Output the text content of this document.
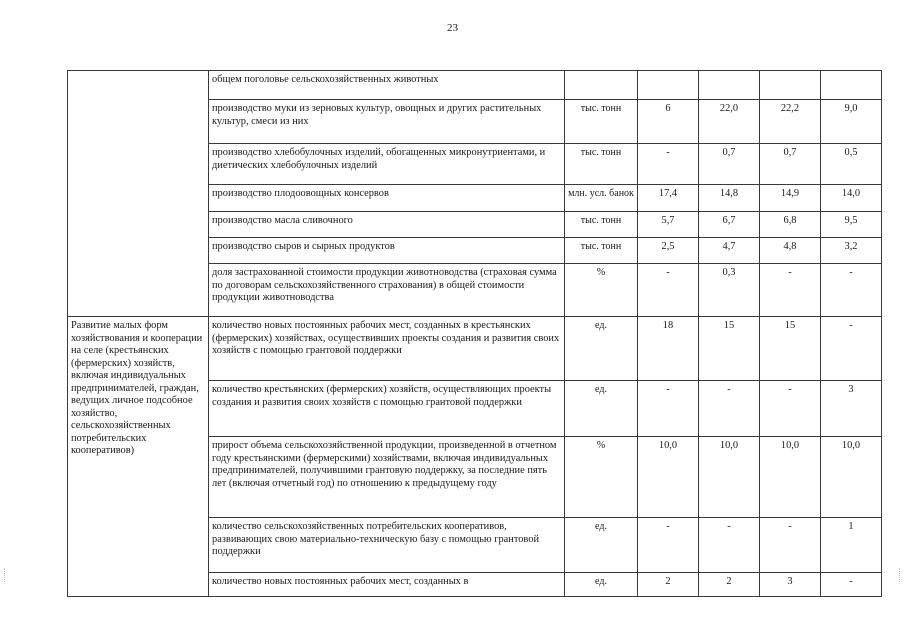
23
	общем поголовье сельскохозяйственных животных					
	производство муки из зерновых культур, овощных и других растительных культур, смеси из них	тыс. тонн	6	22,0	22,2	9,0
	производство хлебобулочных изделий, обогащенных микронутриентами, и диетических хлебобулочных изделий	тыс. тонн	-	0,7	0,7	0,5
	производство плодоовощных консервов	млн. усл. банок	17,4	14,8	14,9	14,0
	производство масла сливочного	тыс. тонн	5,7	6,7	6,8	9,5
	производство сыров и сырных продуктов	тыс. тонн	2,5	4,7	4,8	3,2
	доля застрахованной стоимости продукции животноводства (страховая сумма по договорам сельскохозяйственного страхования) в общей стоимости продукции животноводства	%	-	0,3	-	-
Развитие малых форм хозяйствования и кооперации на селе (крестьянских (фермерских) хозяйств, включая индивидуальных предпринимателей, граждан, ведущих личное подсобное хозяйство, сельскохозяйственных потребительских кооперативов)	количество новых постоянных рабочих мест, созданных в крестьянских (фермерских) хозяйствах, осуществивших проекты создания и развития своих хозяйств с помощью грантовой поддержки	ед.	18	15	15	-
	количество крестьянских (фермерских) хозяйств, осуществляющих проекты создания и развития своих хозяйств с помощью грантовой поддержки	ед.	-	-	-	3
	прирост объема сельскохозяйственной продукции, произведенной в отчетном году крестьянскими (фермерскими) хозяйствами, включая индивидуальных предпринимателей, получившими грантовую поддержку, за последние пять лет (включая отчетный год) по отношению к предыдущему году	%	10,0	10,0	10,0	10,0
	количество сельскохозяйственных потребительских кооперативов, развивающих свою материально-техническую базу с помощью грантовой поддержки	ед.	-	-	-	1
	количество новых постоянных рабочих мест, созданных в	ед.	2	2	3	-
